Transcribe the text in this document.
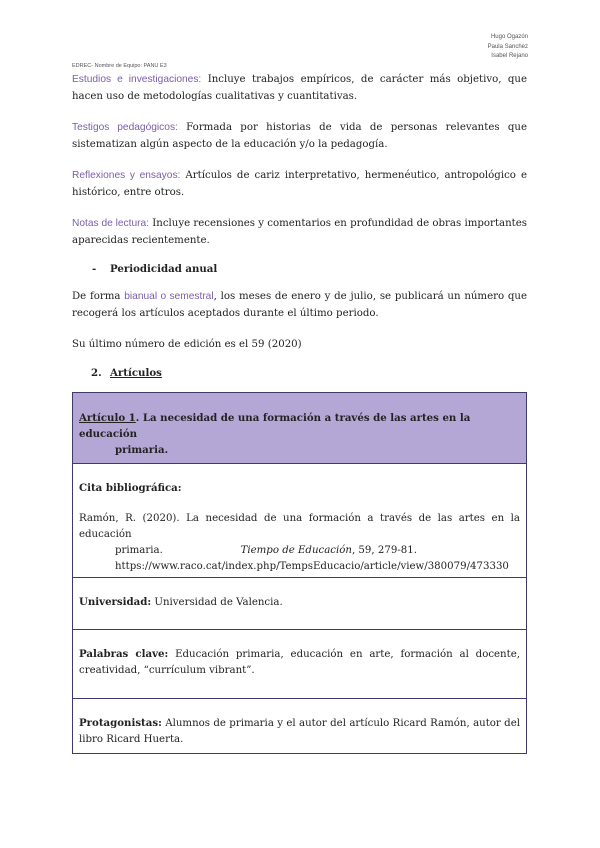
Hugo Ogazón
Paula Sanchez
Isabel Rejano
EDREC- Nombre de Equipo: PANU E3

Estudios e investigaciones: Incluye trabajos empíricos, de carácter más objetivo, que hacen uso de metodologías cualitativas y cuantitativas.

Testigos pedagógicos: Formada por historias de vida de personas relevantes que sistematizan algún aspecto de la educación y/o la pedagogía.

Reflexiones y ensayos: Artículos de cariz interpretativo, hermenéutico, antropológico e histórico, entre otros.

Notas de lectura: Incluye recensiones y comentarios en profundidad de obras importantes aparecidas recientemente.

- Periodicidad anual

De forma bianual o semestral, los meses de enero y de julio, se publicará un número que recogerá los artículos aceptados durante el último periodo.

Su último número de edición es el 59 (2020)

2. Artículos
Artículo 1. La necesidad de una formación a través de las artes en la educación
primaria.
Cita bibliográfica:
Ramón, R. (2020). La necesidad de una formación a través de las artes en la educación
primaria.	Tiempo de Educación, 59, 279-81.
https://www.raco.cat/index.php/TempsEducacio/article/view/380079/473330
Universidad: Universidad de Valencia.
Palabras clave: Educación primaria, educación en arte, formación al docente, creatividad, “currículum vibrant”.
Protagonistas: Alumnos de primaria y el autor del artículo Ricard Ramón, autor del libro Ricard Huerta.
